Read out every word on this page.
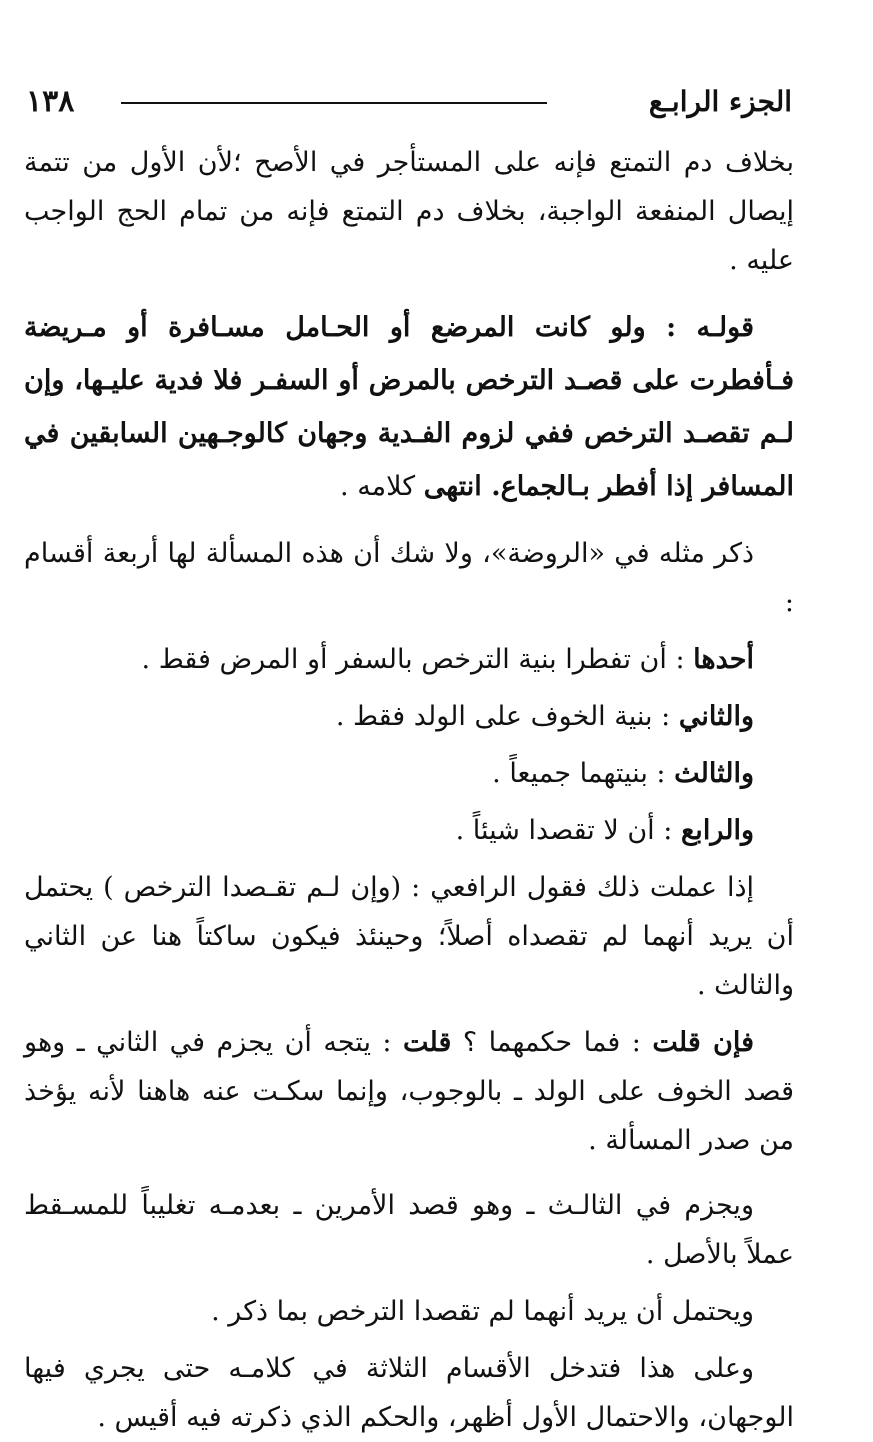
١٣٨	الجزء الرابـع

بخلاف دم التمتع فإنه على المستأجر في الأصح ؛لأن الأول من تتمة إيصال المنفعة الواجبة، بخلاف دم التمتع فإنه من تمام الحج الواجب عليه .

قولـه : ولو كانت المرضع أو الحـامل مسـافرة أو مـريضة فـأفطرت على قصـد الترخص بالمرض أو السفـر فلا فدية عليـها، وإن لـم تقصـد الترخص ففي لزوم الفـدية وجهان كالوجـهين السابقين في المسافر إذا أفطر بـالجماع. انتهى كلامه .

ذكر مثله في «الروضة»، ولا شك أن هذه المسألة لها أربعة أقسام :

أحدها : أن تفطرا بنية الترخص بالسفر أو المرض فقط .

والثاني : بنية الخوف على الولد فقط .

والثالث : بنيتهما جميعاً .

والرابع : أن لا تقصدا شيئاً .

إذا عملت ذلك فقول الرافعي : (وإن لـم تقـصدا الترخص ) يحتمل أن يريد أنهما لم تقصداه أصلاً؛ وحينئذ فيكون ساكتاً هنا عن الثاني والثالث .

فإن قلت : فما حكمهما ؟ قلت : يتجه أن يجزم في الثاني ـ وهو قصد الخوف على الولد ـ بالوجوب، وإنما سكـت عنه هاهنا لأنه يؤخذ من صدر المسألة .

ويجزم في الثالـث ـ وهو قصد الأمرين ـ بعدمـه تغليباً للمسـقط عملاً بالأصل .

ويحتمل أن يريد أنهما لم تقصدا الترخص بما ذكر .

وعلى هذا فتدخل الأقسام الثلاثة في كلامـه حتى يجري فيها الوجهان، والاحتمال الأول أظهر، والحكم الذي ذكرته فيه أقيس .
